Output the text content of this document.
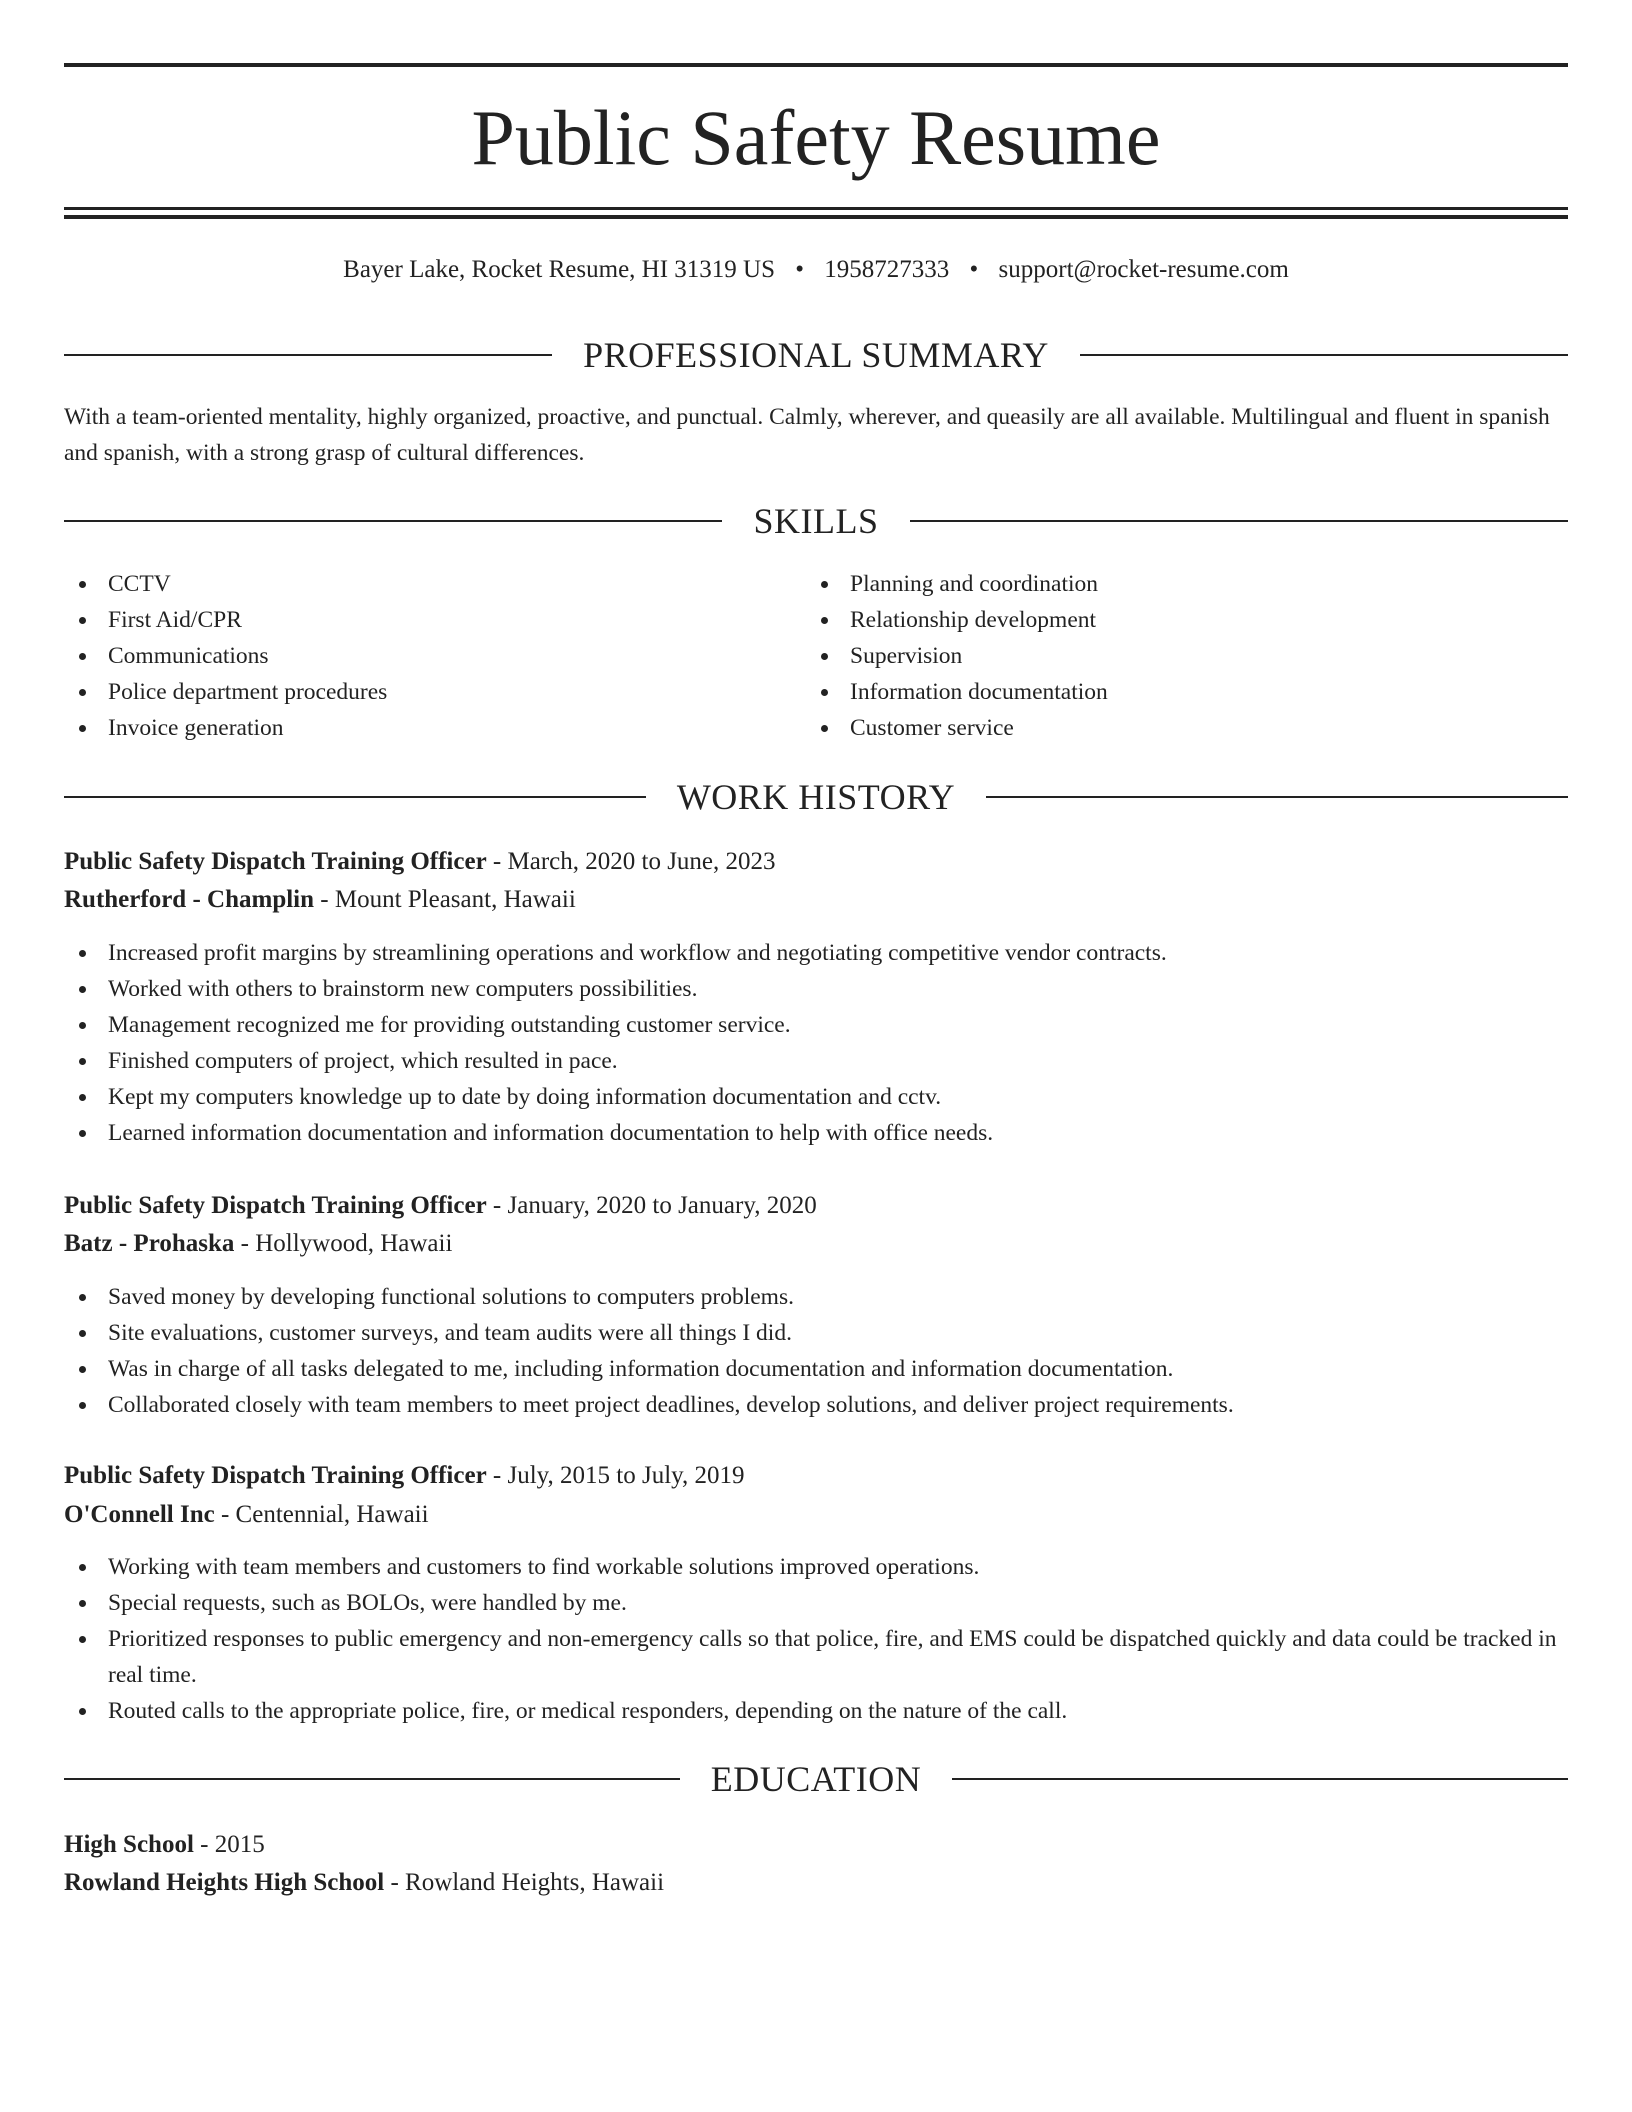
Public Safety Resume
Bayer Lake, Rocket Resume, HI 31319 US • 1958727333 • support@rocket-resume.com
PROFESSIONAL SUMMARY
With a team-oriented mentality, highly organized, proactive, and punctual. Calmly, wherever, and queasily are all available. Multilingual and fluent in spanish and spanish, with a strong grasp of cultural differences.
SKILLS
CCTV
First Aid/CPR
Communications
Police department procedures
Invoice generation
Planning and coordination
Relationship development
Supervision
Information documentation
Customer service
WORK HISTORY
Public Safety Dispatch Training Officer - March, 2020 to June, 2023
Rutherford - Champlin - Mount Pleasant, Hawaii
Increased profit margins by streamlining operations and workflow and negotiating competitive vendor contracts.
Worked with others to brainstorm new computers possibilities.
Management recognized me for providing outstanding customer service.
Finished computers of project, which resulted in pace.
Kept my computers knowledge up to date by doing information documentation and cctv.
Learned information documentation and information documentation to help with office needs.
Public Safety Dispatch Training Officer - January, 2020 to January, 2020
Batz - Prohaska - Hollywood, Hawaii
Saved money by developing functional solutions to computers problems.
Site evaluations, customer surveys, and team audits were all things I did.
Was in charge of all tasks delegated to me, including information documentation and information documentation.
Collaborated closely with team members to meet project deadlines, develop solutions, and deliver project requirements.
Public Safety Dispatch Training Officer - July, 2015 to July, 2019
O'Connell Inc - Centennial, Hawaii
Working with team members and customers to find workable solutions improved operations.
Special requests, such as BOLOs, were handled by me.
Prioritized responses to public emergency and non-emergency calls so that police, fire, and EMS could be dispatched quickly and data could be tracked in real time.
Routed calls to the appropriate police, fire, or medical responders, depending on the nature of the call.
EDUCATION
High School - 2015
Rowland Heights High School - Rowland Heights, Hawaii
